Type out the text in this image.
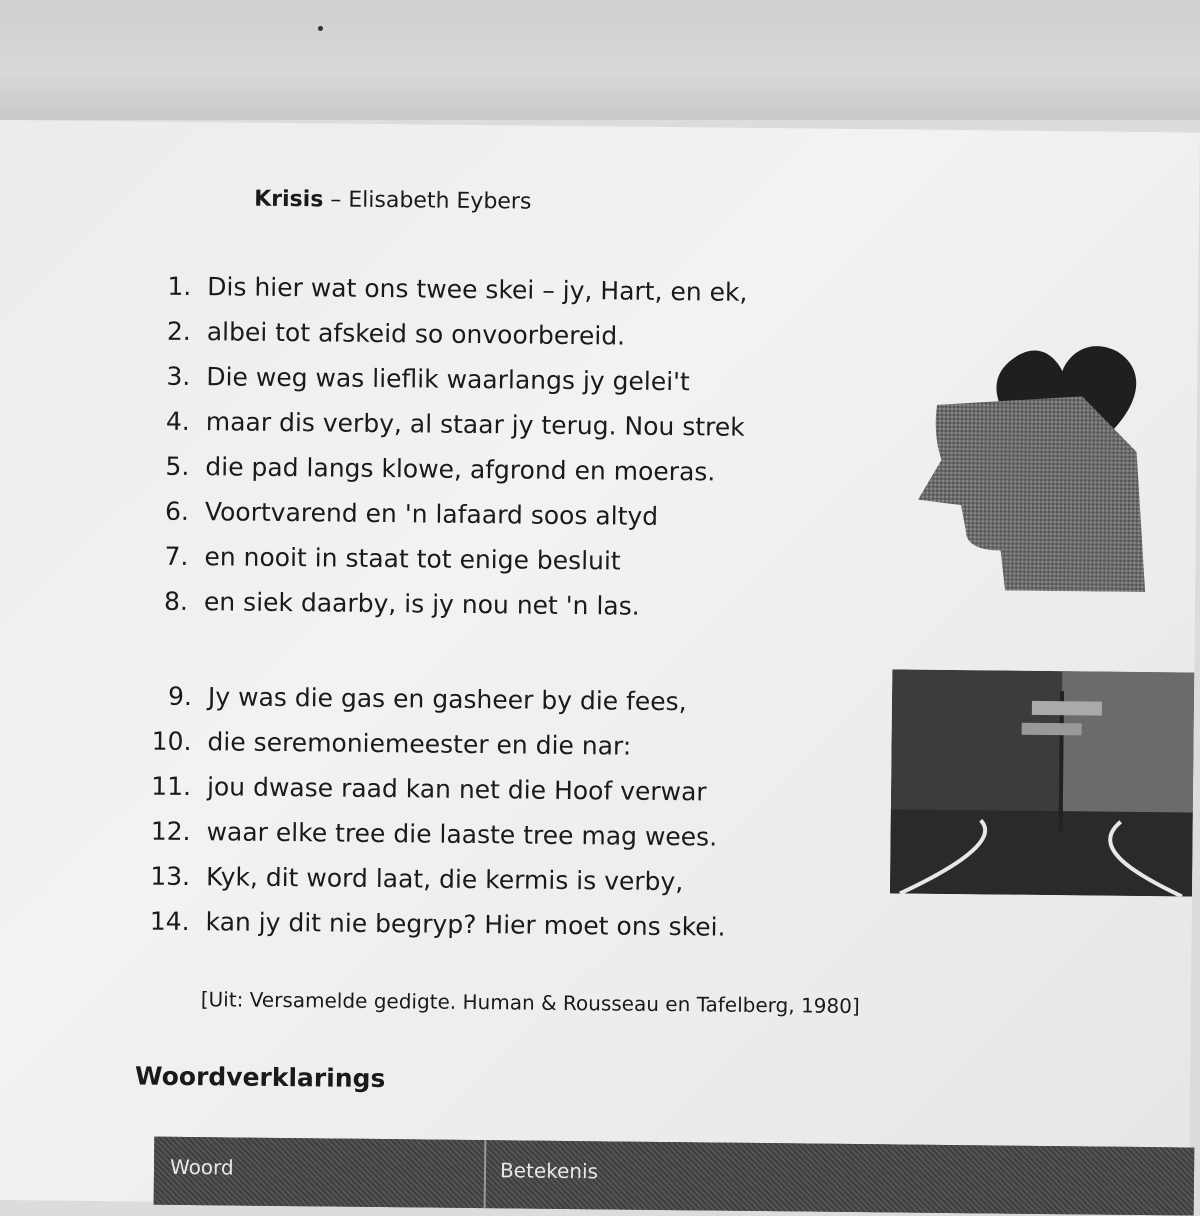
Krisis – Elisabeth Eybers
1. Dis hier wat ons twee skei – jy, Hart, en ek,
2. albei tot afskeid so onvoorbereid.
3. Die weg was lieflik waarlangs jy gelei't
4. maar dis verby, al staar jy terug. Nou strek
5. die pad langs klowe, afgrond en moeras.
6. Voortvarend en 'n lafaard soos altyd
7. en nooit in staat tot enige besluit
8. en siek daarby, is jy nou net 'n las.
9. Jy was die gas en gasheer by die fees,
10. die seremoniemeester en die nar:
11. jou dwase raad kan net die Hoof verwar
12. waar elke tree die laaste tree mag wees.
13. Kyk, dit word laat, die kermis is verby,
14. kan jy dit nie begryp? Hier moet ons skei.
[Uit: Versamelde gedigte. Human & Rousseau en Tafelberg, 1980]
Woordverklarings
Woord	Betekenis
